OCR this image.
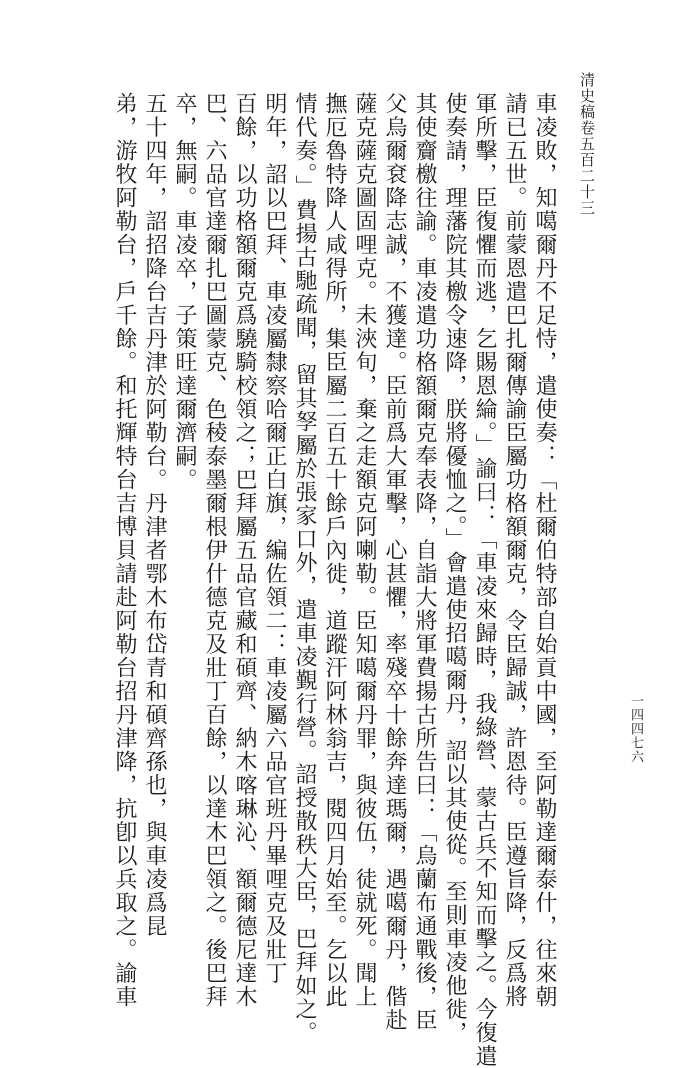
清史稿卷五百二十三
車凌敗，知噶爾丹不足恃，遣使奏：「杜爾伯特部自始貢中國，至阿勒達爾泰什，往來朝
請已五世。前蒙恩遣巴扎爾傳諭臣屬功格額爾克，令臣歸誠，許恩待。臣遵旨降，反爲將
軍所擊，臣復懼而逃，乞賜恩綸。」諭曰：「車凌來歸時，我綠營、蒙古兵不知而擊之。今復遣
使奏請，理藩院其檄令速降，朕將優恤之。」會遣使招噶爾丹，詔以其使從。至則車凌他徙，
其使齎檄往諭。車凌遣功格額爾克奉表降，自詣大將軍費揚古所告曰：「烏蘭布通戰後，臣
父烏爾袞降志誠，不獲達。臣前爲大軍擊，心甚懼，率殘卒十餘奔達瑪爾，遇噶爾丹，偕赴
薩克薩克圖固哩克。未浹旬，棄之走額克阿喇勒。臣知噶爾丹罪，與彼伍，徒就死。聞上
撫厄魯特降人咸得所，集臣屬二百五十餘戶內徙，道蹤汗阿林翁吉，閱四月始至。乞以此
情代奏。」費揚古馳疏聞，留其孥屬於張家口外，遣車凌覲行營。詔授散秩大臣，巴拜如之。
明年，詔以巴拜、車凌屬隸察哈爾正白旗，編佐領二：車凌屬六品官班丹畢哩克及壯丁
百餘，以功格額爾克爲驍騎校領之；巴拜屬五品官藏和碩齊、納木喀琳沁、額爾德尼達木
巴、六品官達爾扎巴圖蒙克、色稜泰墨爾根伊什德克及壯丁百餘，以達木巴領之。後巴拜
卒，無嗣。車凌卒，子策旺達爾濟嗣。
五十四年，詔招降台吉丹津於阿勒台。丹津者鄂木布岱青和碩齊孫也，與車凌爲昆
弟，游牧阿勒台，戶千餘。和托輝特台吉博貝請赴阿勒台招丹津降，抗卽以兵取之。諭車	一四四七六
